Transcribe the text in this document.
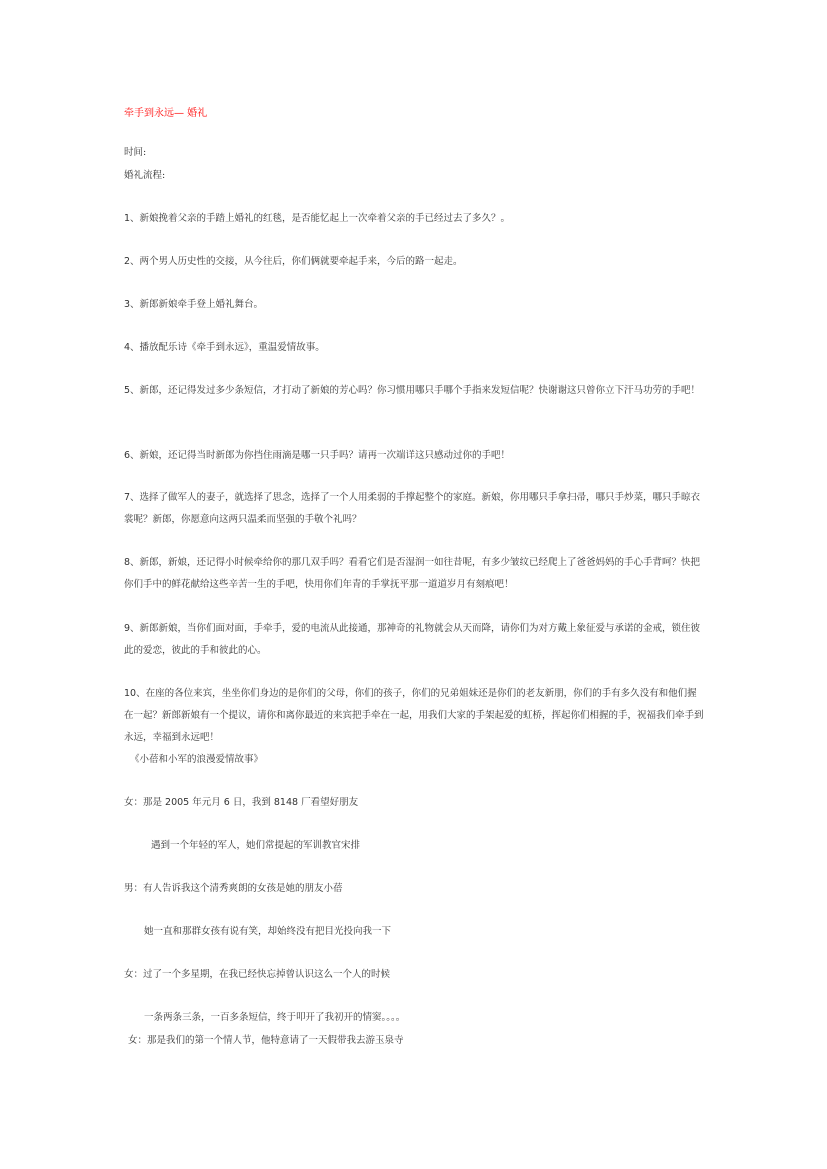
牵手到永远— 婚礼
时间:
婚礼流程:
1、新娘挽着父亲的手踏上婚礼的红毯，是否能忆起上一次牵着父亲的手已经过去了多久？。
2、两个男人历史性的交接，从今往后，你们俩就要牵起手来，今后的路一起走。
3、新郎新娘牵手登上婚礼舞台。
4、播放配乐诗《牵手到永远》，重温爱情故事。
5、新郎，还记得发过多少条短信，才打动了新娘的芳心吗？你习惯用哪只手哪个手指来发短信呢？快谢谢这只曾你立下汗马功劳的手吧！
6、新娘，还记得当时新郎为你挡住雨滴是哪一只手吗？请再一次端详这只感动过你的手吧！
7、选择了做军人的妻子，就选择了思念，选择了一个人用柔弱的手撑起整个的家庭。新娘，你用哪只手拿扫帚，哪只手炒菜，哪只手晾衣裳呢？新郎，你愿意向这两只温柔而坚强的手敬个礼吗？
8、新郎，新娘，还记得小时候牵给你的那几双手吗？看看它们是否湿润一如往昔呢，有多少皱纹已经爬上了爸爸妈妈的手心手背呵？快把你们手中的鲜花献给这些辛苦一生的手吧，快用你们年青的手掌抚平那一道道岁月有刻痕吧！
9、新郎新娘，当你们面对面，手牵手，爱的电流从此接通，那神奇的礼物就会从天而降，请你们为对方戴上象征爱与承诺的金戒，锁住彼此的爱恋，彼此的手和彼此的心。
10、在座的各位来宾，坐坐你们身边的是你们的父母，你们的孩子，你们的兄弟姐妹还是你们的老友新朋，你们的手有多久没有和他们握在一起？新郎新娘有一个提议，请你和离你最近的来宾把手牵在一起，用我们大家的手架起爱的虹桥，挥起你们相握的手，祝福我们牵手到永远，幸福到永远吧！
《小蓓和小军的浪漫爱情故事》
女：那是 2005 年元月 6 日，我到 8148 厂看望好朋友
遇到一个年轻的军人，她们常提起的军训教官宋排
男：有人告诉我这个清秀爽朗的女孩是她的朋友小蓓
她一直和那群女孩有说有笑，却始终没有把目光投向我一下
女：过了一个多星期，在我已经快忘掉曾认识这么一个人的时候
一条两条三条，一百多条短信，终于叩开了我初开的情窦。。。。
女：那是我们的第一个情人节，他特意请了一天假带我去游玉泉寺
